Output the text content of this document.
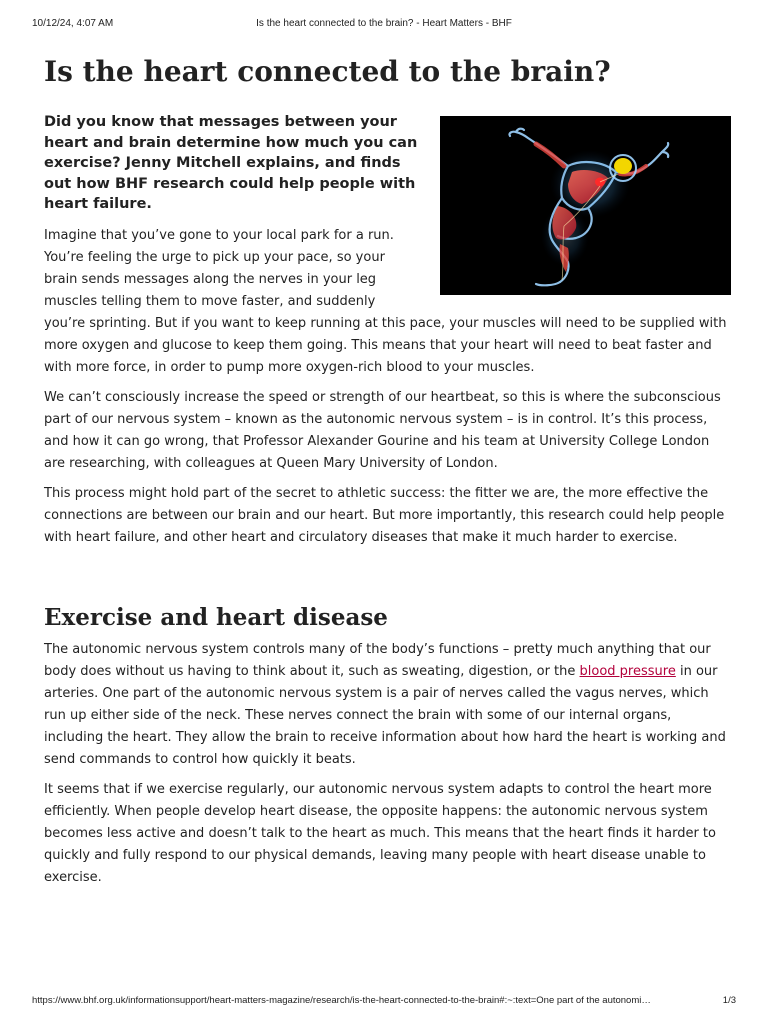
10/12/24, 4:07 AM	Is the heart connected to the brain? - Heart Matters - BHF
Is the heart connected to the brain?

Did you know that messages between your heart and brain determine how much you can exercise? Jenny Mitchell explains, and finds out how BHF research could help people with heart failure.

Imagine that you’ve gone to your local park for a run. You’re feeling the urge to pick up your pace, so your brain sends messages along the nerves in your leg muscles telling them to move faster, and suddenly you’re sprinting. But if you want to keep running at this pace, your muscles will need to be supplied with more oxygen and glucose to keep them going. This means that your heart will need to beat faster and with more force, in order to pump more oxygen-rich blood to your muscles.

We can’t consciously increase the speed or strength of our heartbeat, so this is where the subconscious part of our nervous system – known as the autonomic nervous system – is in control. It’s this process, and how it can go wrong, that Professor Alexander Gourine and his team at University College London are researching, with colleagues at Queen Mary University of London.

This process might hold part of the secret to athletic success: the fitter we are, the more effective the connections are between our brain and our heart. But more importantly, this research could help people with heart failure, and other heart and circulatory diseases that make it much harder to exercise.

Exercise and heart disease

The autonomic nervous system controls many of the body’s functions – pretty much anything that our body does without us having to think about it, such as sweating, digestion, or the blood pressure in our arteries. One part of the autonomic nervous system is a pair of nerves called the vagus nerves, which run up either side of the neck. These nerves connect the brain with some of our internal organs, including the heart. They allow the brain to receive information about how hard the heart is working and send commands to control how quickly it beats.

It seems that if we exercise regularly, our autonomic nervous system adapts to control the heart more efficiently. When people develop heart disease, the opposite happens: the autonomic nervous system becomes less active and doesn’t talk to the heart as much. This means that the heart finds it harder to quickly and fully respond to our physical demands, leaving many people with heart disease unable to exercise.

https://www.bhf.org.uk/informationsupport/heart-matters-magazine/research/is-the-heart-connected-to-the-brain#:~:text=One part of the autonomi…	1/3
